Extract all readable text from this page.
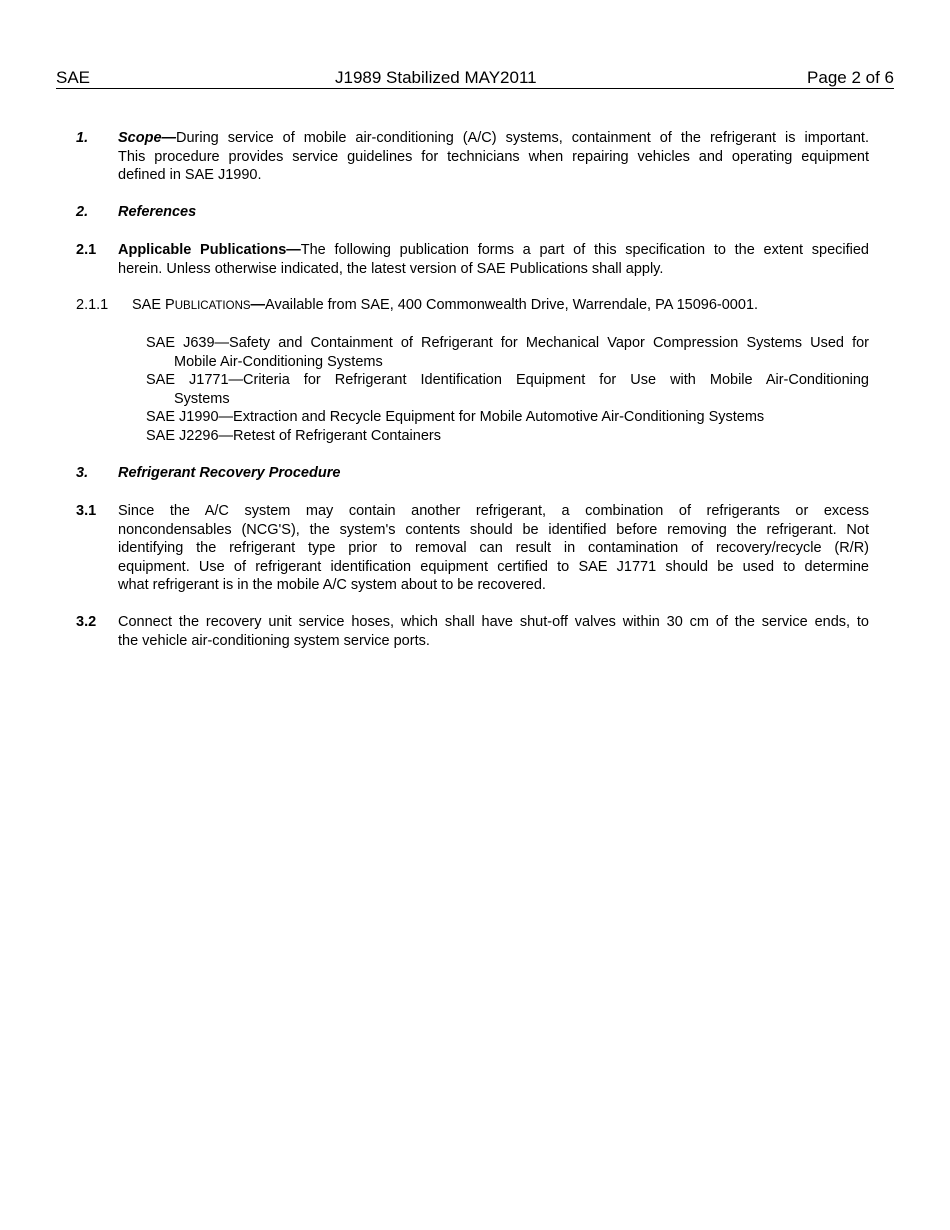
SAE	J1989 Stabilized MAY2011	Page 2 of 6
1. Scope—During service of mobile air-conditioning (A/C) systems, containment of the refrigerant is important.
This procedure provides service guidelines for technicians when repairing vehicles and operating equipment
defined in SAE J1990.
2. References
2.1 Applicable Publications—The following publication forms a part of this specification to the extent specified
herein. Unless otherwise indicated, the latest version of SAE Publications shall apply.
2.1.1 SAE PUBLICATIONS—Available from SAE, 400 Commonwealth Drive, Warrendale, PA 15096-0001.
SAE J639—Safety and Containment of Refrigerant for Mechanical Vapor Compression Systems Used for
Mobile Air-Conditioning Systems
SAE J1771—Criteria for Refrigerant Identification Equipment for Use with Mobile Air-Conditioning
Systems
SAE J1990—Extraction and Recycle Equipment for Mobile Automotive Air-Conditioning Systems
SAE J2296—Retest of Refrigerant Containers
3. Refrigerant Recovery Procedure
3.1 Since the A/C system may contain another refrigerant, a combination of refrigerants or excess
noncondensables (NCG'S), the system's contents should be identified before removing the refrigerant. Not
identifying the refrigerant type prior to removal can result in contamination of recovery/recycle (R/R)
equipment. Use of refrigerant identification equipment certified to SAE J1771 should be used to determine
what refrigerant is in the mobile A/C system about to be recovered.
3.2 Connect the recovery unit service hoses, which shall have shut-off valves within 30 cm of the service ends, to
the vehicle air-conditioning system service ports.
